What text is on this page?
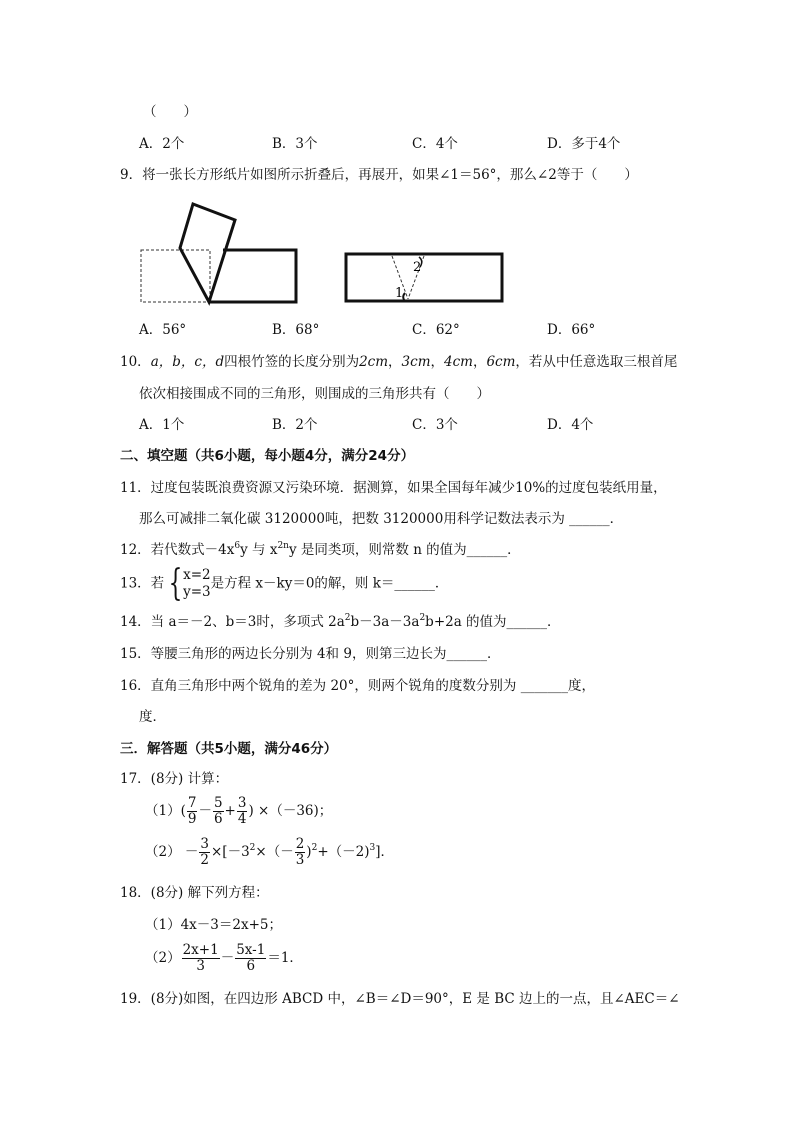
（　　）
A．2个	B．3个	C．4个	D．多于4个
9．将一张长方形纸片如图所示折叠后，再展开，如果∠1＝56°，那么∠2等于（　　）
2
1
A．56°	B．68°	C．62°	D．66°
10．a，b，c，d四根竹签的长度分别为2cm，3cm，4cm，6cm，若从中任意选取三根首尾
依次相接围成不同的三角形，则围成的三角形共有（　　）
A．1个	B．2个	C．3个	D．4个
二、填空题（共6小题，每小题4分，满分24分）
11．过度包装既浪费资源又污染环境．据测算，如果全国每年减少10%的过度包装纸用量，
那么可减排二氧化碳 3120000吨，把数 3120000用科学记数法表示为 ______．
12．若代数式$-4x^6y$ 与 $x^{2n}y$ 是同类项，则常数 n 的值为______．
13．若 { x=2
y=3
是方程 x－ky＝0的解，则 k＝______．
14．当 a＝－2、b＝3时，多项式 $2a^2b-3a-3a^2b+2a$ 的值为______．
15．等腰三角形的两边长分别为 4和 9，则第三边长为______．
16．直角三角形中两个锐角的差为 20°，则两个锐角的度数分别为 _______度，
度．
三．解答题（共5小题，满分46分）
17．(8分) 计算：
$(1)( \frac{7}{9} - \frac{5}{6} + \frac{3}{4}$ ) ×（－36)；
$(2) - \frac{3}{2} \times[-3^2\times(- \frac{2}{3} )^2+(-2)^3]$．
18．(8分) 解下列方程：
（1）4x－3＝2x+5；
$(2) \frac{2x+1}{3} - \frac{5x-1}{6} =1$．
19．(8分)如图，在四边形 ABCD 中，∠B＝∠D＝90°，E 是 BC 边上的一点，且∠AEC＝∠
